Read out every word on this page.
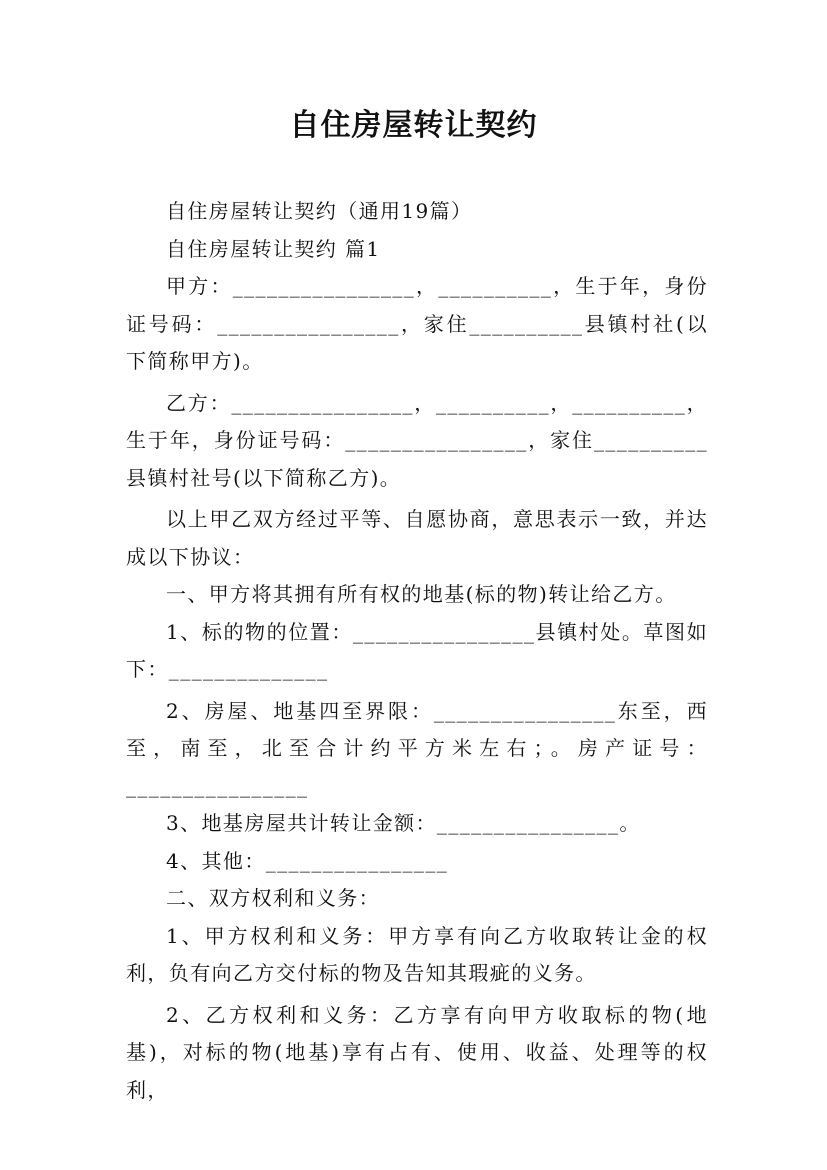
自住房屋转让契约

自住房屋转让契约（通用19篇）

自住房屋转让契约 篇1

甲方：________________，__________，生于年，身份证号码：________________，家住__________县镇村社(以下简称甲方)。

乙方：________________，__________，__________，生于年，身份证号码：________________，家住__________县镇村社号(以下简称乙方)。

以上甲乙双方经过平等、自愿协商，意思表示一致，并达成以下协议：

一、甲方将其拥有所有权的地基(标的物)转让给乙方。

1、标的物的位置：________________县镇村处。草图如下：______________

2、房屋、地基四至界限：________________东至，西至，南至，北至合计约平方米左右；。房产证号：________________

3、地基房屋共计转让金额：________________。

4、其他：________________

二、双方权利和义务：

1、甲方权利和义务：甲方享有向乙方收取转让金的权利，负有向乙方交付标的物及告知其瑕疵的义务。

2、乙方权利和义务：乙方享有向甲方收取标的物(地基)，对标的物(地基)享有占有、使用、收益、处理等的权利，
